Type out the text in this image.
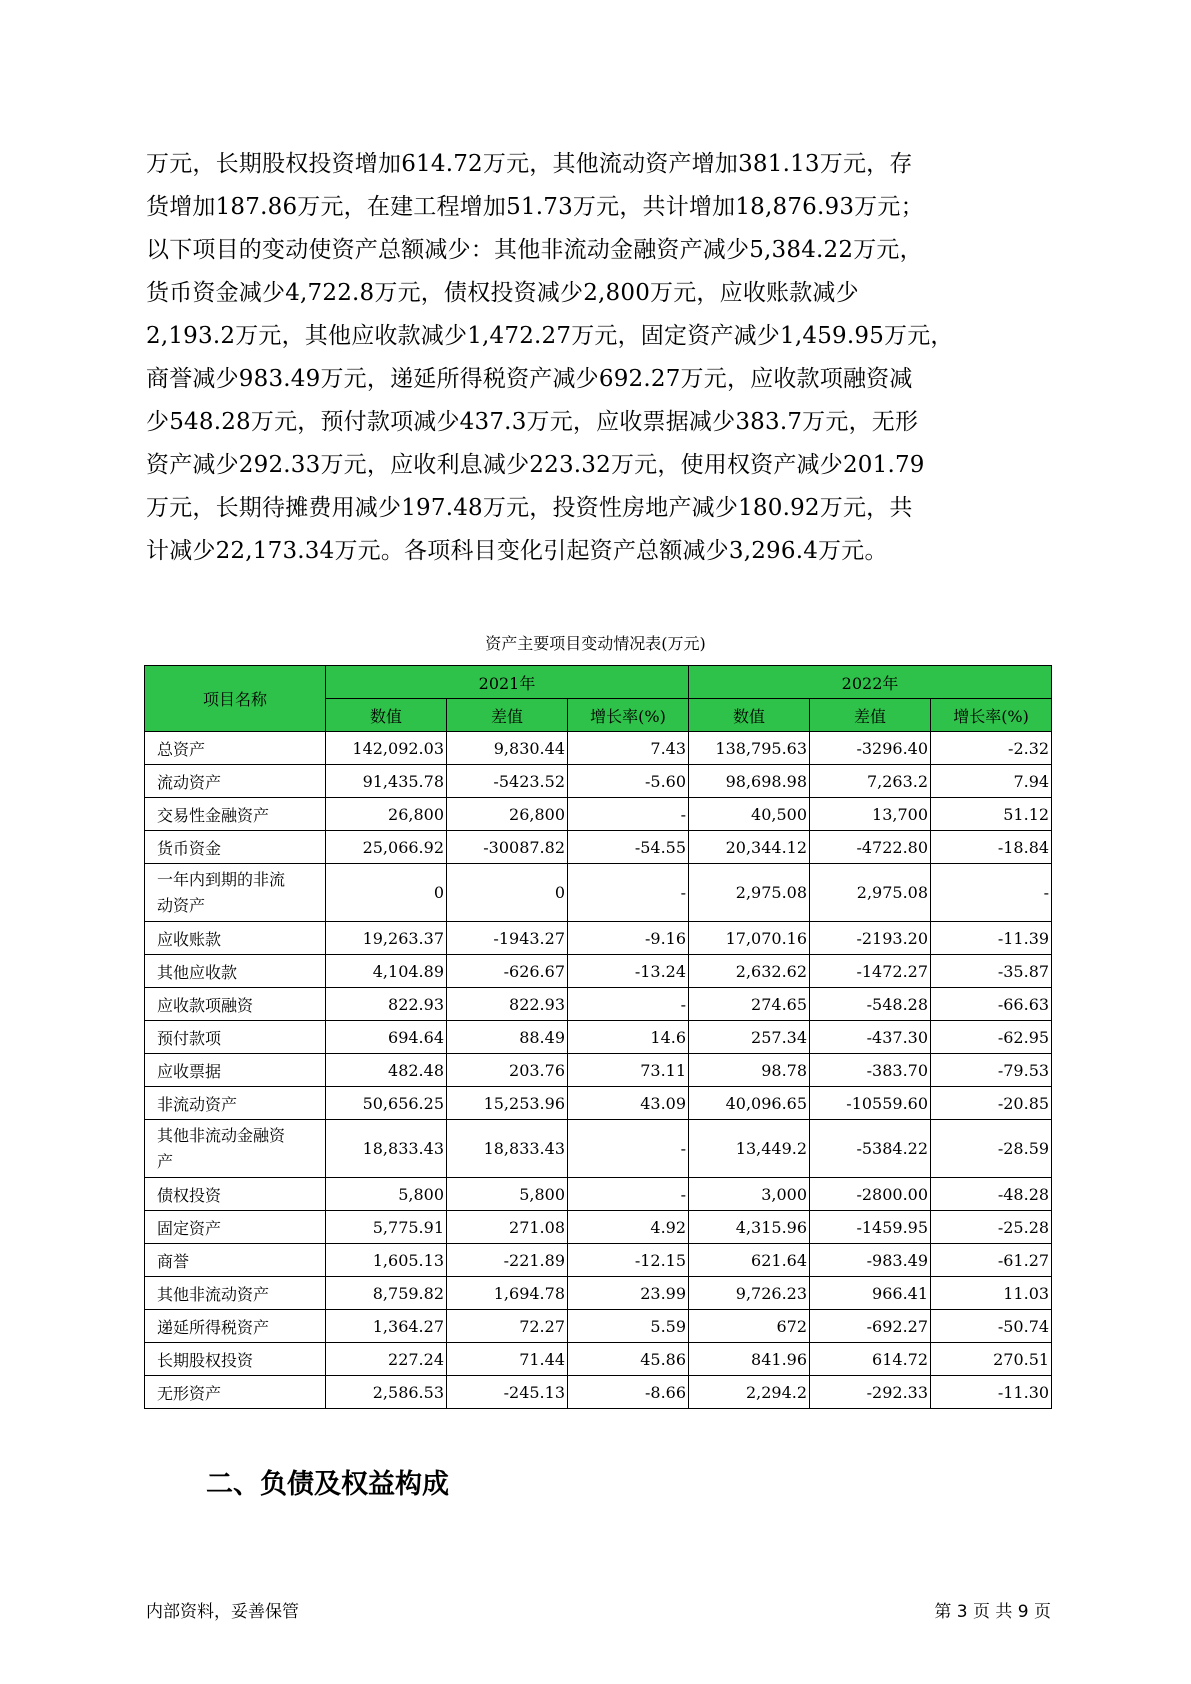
万元，长期股权投资增加614.72万元，其他流动资产增加381.13万元，存
货增加187.86万元，在建工程增加51.73万元，共计增加18,876.93万元；
以下项目的变动使资产总额减少：其他非流动金融资产减少5,384.22万元，
货币资金减少4,722.8万元，债权投资减少2,800万元，应收账款减少
2,193.2万元，其他应收款减少1,472.27万元，固定资产减少1,459.95万元，
商誉减少983.49万元，递延所得税资产减少692.27万元，应收款项融资减
少548.28万元，预付款项减少437.3万元，应收票据减少383.7万元，无形
资产减少292.33万元，应收利息减少223.32万元，使用权资产减少201.79
万元，长期待摊费用减少197.48万元，投资性房地产减少180.92万元，共
计减少22,173.34万元。各项科目变化引起资产总额减少3,296.4万元。
资产主要项目变动情况表(万元)
项目名称	2021年			2022年		
	数值	差值	增长率(%)	数值	差值	增长率(%)
总资产	142,092.03	9,830.44	7.43	138,795.63	-3296.40	-2.32
流动资产	91,435.78	-5423.52	-5.60	98,698.98	7,263.2	7.94
交易性金融资产	26,800	26,800	-	40,500	13,700	51.12
货币资金	25,066.92	-30087.82	-54.55	20,344.12	-4722.80	-18.84

一年内到期的非流
动资产	0	0	-	2,975.08	2,975.08	-
应收账款	19,263.37	-1943.27	-9.16	17,070.16	-2193.20	-11.39
其他应收款	4,104.89	-626.67	-13.24	2,632.62	-1472.27	-35.87
应收款项融资	822.93	822.93	-	274.65	-548.28	-66.63
预付款项	694.64	88.49	14.6	257.34	-437.30	-62.95
应收票据	482.48	203.76	73.11	98.78	-383.70	-79.53
非流动资产	50,656.25	15,253.96	43.09	40,096.65	-10559.60	-20.85

其他非流动金融资
产	18,833.43	18,833.43	-	13,449.2	-5384.22	-28.59
债权投资	5,800	5,800	-	3,000	-2800.00	-48.28
固定资产	5,775.91	271.08	4.92	4,315.96	-1459.95	-25.28
商誉	1,605.13	-221.89	-12.15	621.64	-983.49	-61.27
其他非流动资产	8,759.82	1,694.78	23.99	9,726.23	966.41	11.03
递延所得税资产	1,364.27	72.27	5.59	672	-692.27	-50.74
长期股权投资	227.24	71.44	45.86	841.96	614.72	270.51
无形资产	2,586.53	-245.13	-8.66	2,294.2	-292.33	-11.30
二、负债及权益构成
内部资料，妥善保管	第 3 页 共 9 页
